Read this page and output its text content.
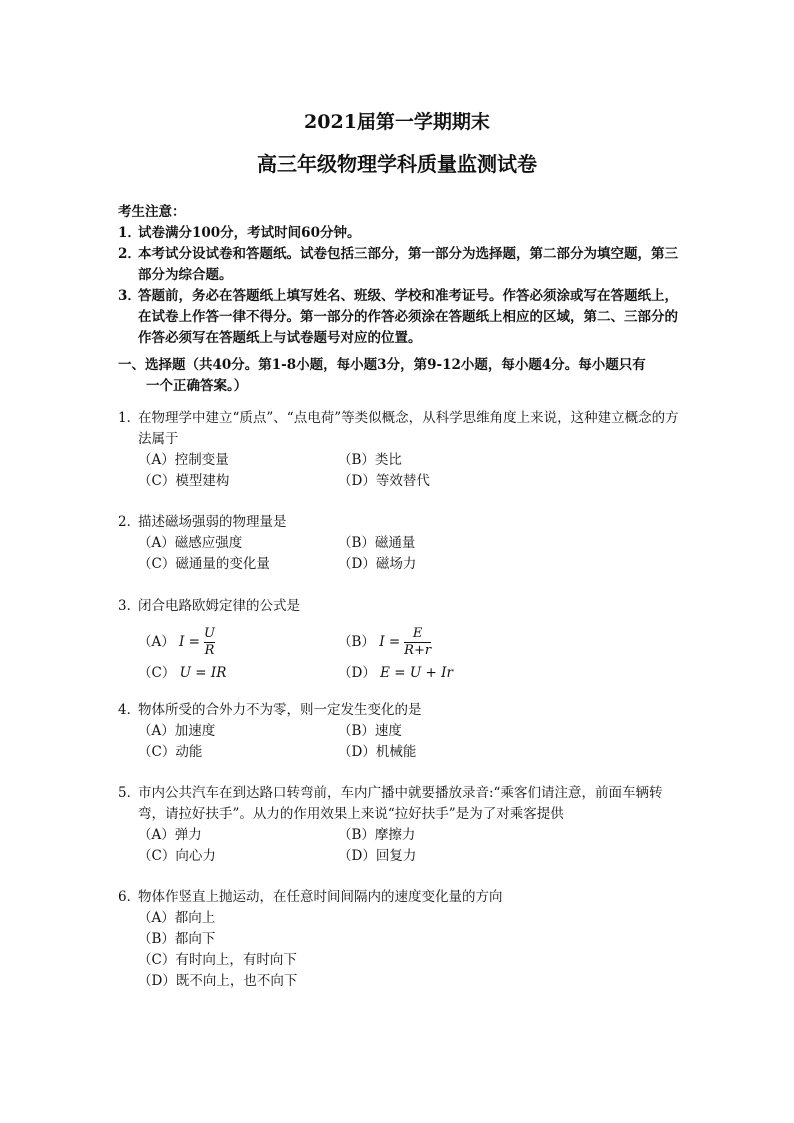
2021届第一学期期末
高三年级物理学科质量监测试卷
考生注意：
1．
试卷满分100分，考试时间60分钟。
2．
本考试分设试卷和答题纸。试卷包括三部分，第一部分为选择题，第二部分为填空题，第三部分为综合题。
3．
答题前，务必在答题纸上填写姓名、班级、学校和准考证号。作答必须涂或写在答题纸上，在试卷上作答一律不得分。第一部分的作答必须涂在答题纸上相应的区域，第二、三部分的作答必须写在答题纸上与试卷题号对应的位置。
一、选择题（共40分。第1-8小题，每小题3分，第9-12小题，每小题4分。每小题只有
一个正确答案。）
1．
在物理学中建立“质点”、“点电荷”等类似概念，从科学思维角度上来说，这种建立概念的方法属于
（A）控制变量	（B）类比
（C）模型建构	（D）等效替代
2．
描述磁场强弱的物理量是
（A）磁感应强度	（B）磁通量
（C）磁通量的变化量	（D）磁场力
3．
闭合电路欧姆定律的公式是
（A） $I = \frac{U}{R}$	（B） $I = \frac{E}{R+r}$
（C） U = IR	（D） E = U + Ir
4．
物体所受的合外力不为零，则一定发生变化的是
（A）加速度	（B）速度
（C）动能	（D）机械能
5．
市内公共汽车在到达路口转弯前，车内广播中就要播放录音:“乘客们请注意，前面车辆转弯，请拉好扶手”。从力的作用效果上来说“拉好扶手”是为了对乘客提供
（A）弹力	（B）摩擦力
（C）向心力	（D）回复力
6．
物体作竖直上抛运动，在任意时间间隔内的速度变化量的方向
（A）都向上
（B）都向下
（C）有时向上，有时向下
（D）既不向上，也不向下
